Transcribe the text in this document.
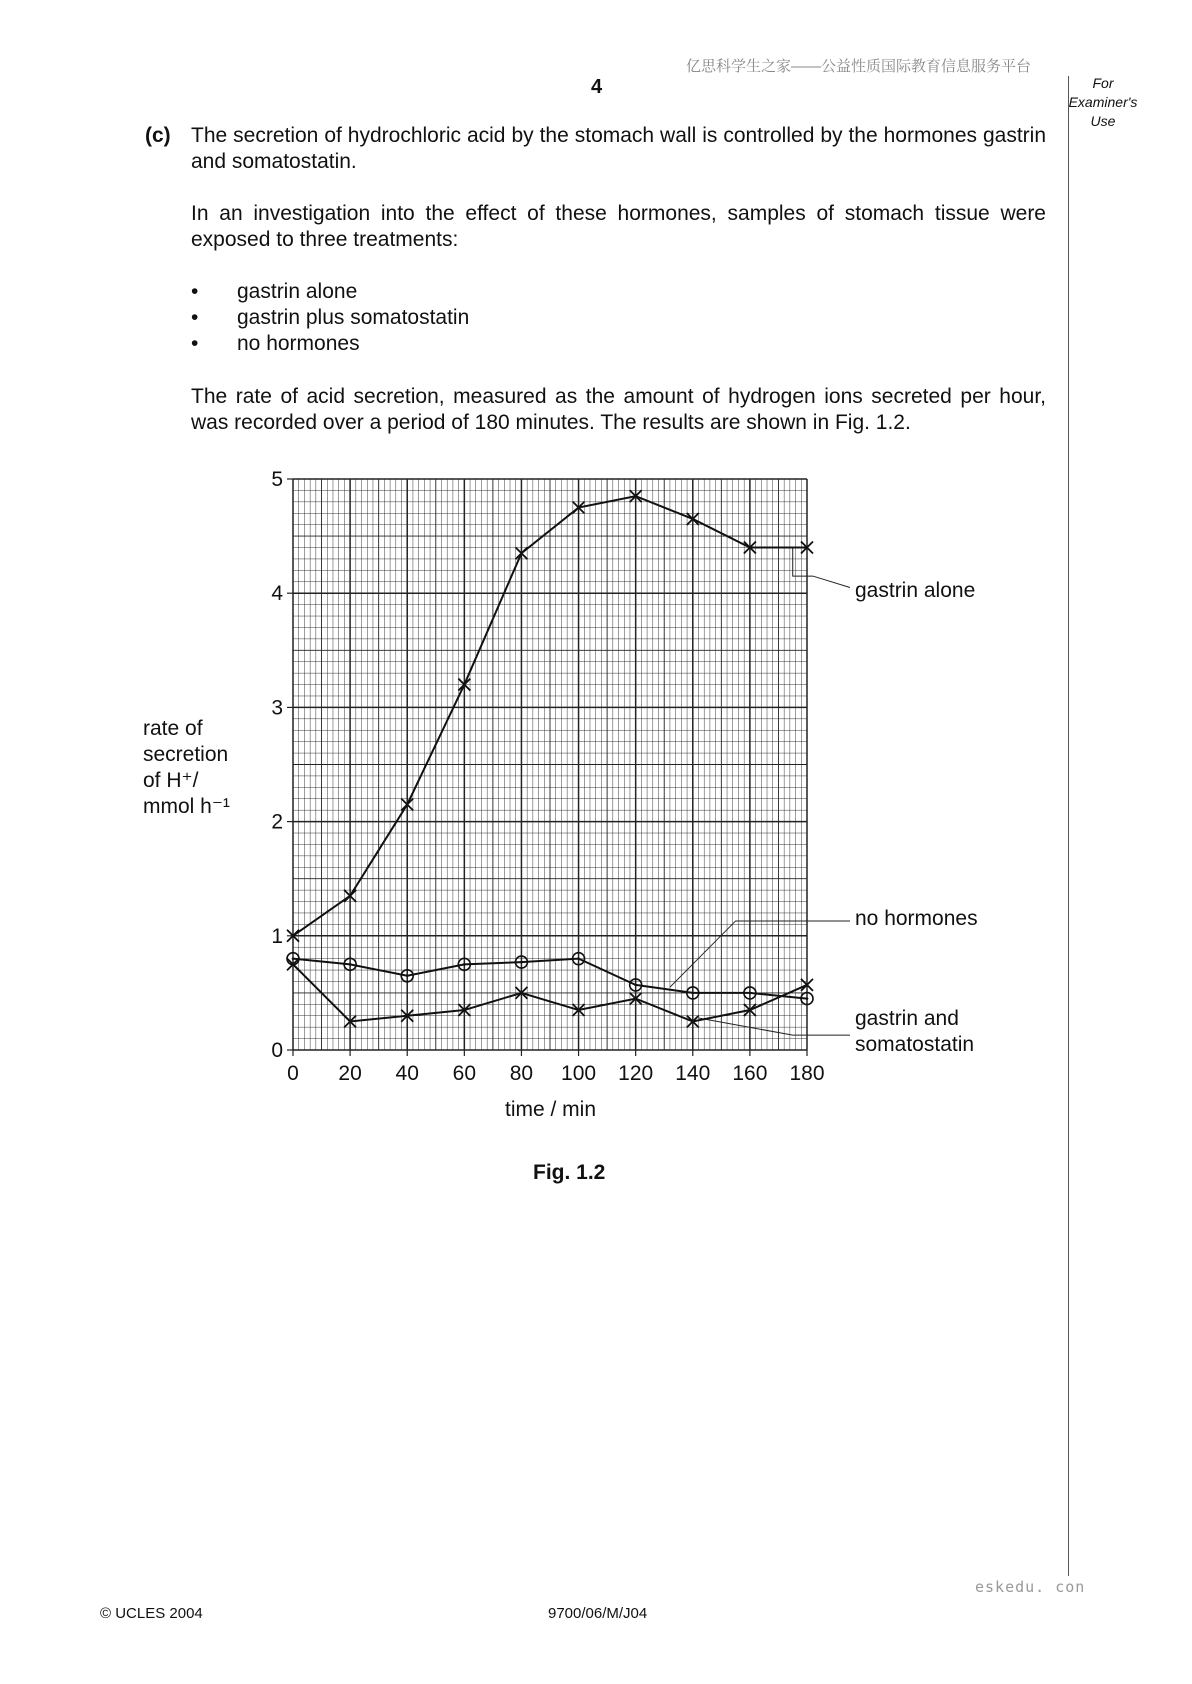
亿思科学生之家——公益性质国际教育信息服务平台
4	For
Examiner's
Use
(c) The secretion of hydrochloric acid by the stomach wall is controlled by the hormones gastrin and somatostatin.
In an investigation into the effect of these hormones, samples of stomach tissue were exposed to three treatments:
• gastrin alone
• gastrin plus somatostatin
• no hormones
The rate of acid secretion, measured as the amount of hydrogen ions secreted per hour, was recorded over a period of 180 minutes. The results are shown in Fig. 1.2.
0 20 40 60 80 100 120 140 160 180
0
1
2
3
4
5
rate of
secretion
of H⁺/
mmol h⁻¹
time / min
gastrin alone
no hormones
gastrin and
somatostatin
Fig. 1.2
eskedu. con
© UCLES 2004	9700/06/M/J04
